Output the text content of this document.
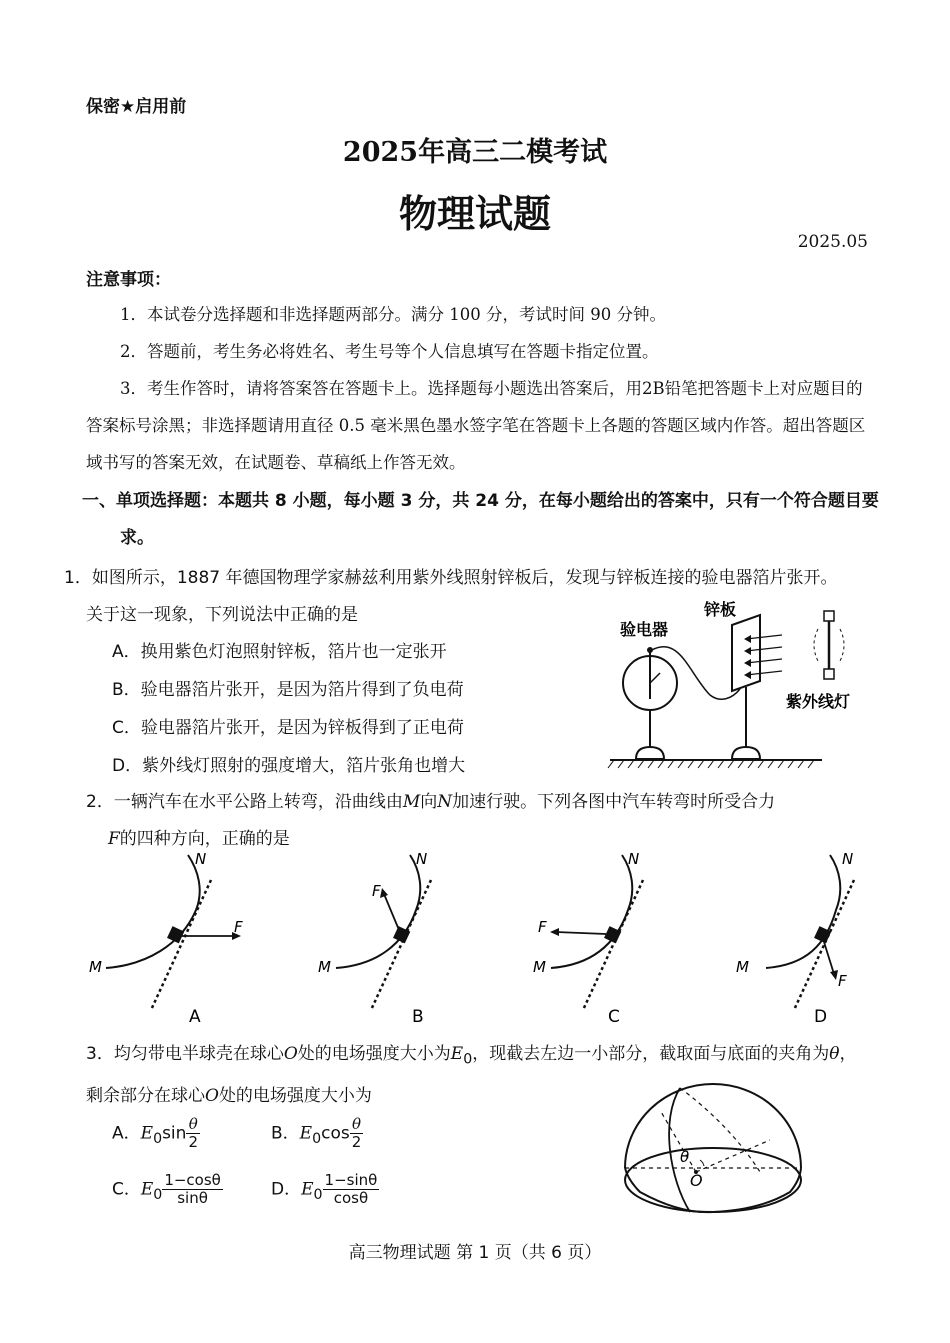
保密★启用前
2025年高三二模考试
物理试题
2025.05
注意事项：
1．本试卷分选择题和非选择题两部分。满分 100 分，考试时间 90 分钟。
2．答题前，考生务必将姓名、考生号等个人信息填写在答题卡指定位置。
3．考生作答时，请将答案答在答题卡上。选择题每小题选出答案后，用2B铅笔把答题卡上对应题目的答案标号涂黑；非选择题请用直径 0.5 毫米黑色墨水签字笔在答题卡上各题的答题区域内作答。超出答题区域书写的答案无效，在试题卷、草稿纸上作答无效。
一、单项选择题：本题共 8 小题，每小题 3 分，共 24 分，在每小题给出的答案中，只有一个符合题目要求。
1．如图所示，1887 年德国物理学家赫兹利用紫外线照射锌板后，发现与锌板连接的验电器箔片张开。关于这一现象，下列说法中正确的是
A．换用紫色灯泡照射锌板，箔片也一定张开
B．验电器箔片张开，是因为箔片得到了负电荷
C．验电器箔片张开，是因为锌板得到了正电荷
D．紫外线灯照射的强度增大，箔片张角也增大
验电器
锌板
紫外线灯
2．一辆汽车在水平公路上转弯，沿曲线由M向N加速行驶。下列各图中汽车转弯时所受合力
F的四种方向，正确的是
M
N
F
A
M
N
F
B
M
N
F
C
M
N
F
D
3．均匀带电半球壳在球心O处的电场强度大小为$E_0$，现截去左边一小部分，截取面与底面的夹角为θ，剩余部分在球心O处的电场强度大小为
A．$E_0\sin \frac{\theta}{2}$	B．$E_0\cos \frac{\theta}{2}$
C．$E_0 \frac{1-\cos\theta}{\sin\theta}$	D．$E_0 \frac{1-\sin\theta}{\cos\theta}$
θ
O
高三物理试题 第 1 页（共 6 页）
